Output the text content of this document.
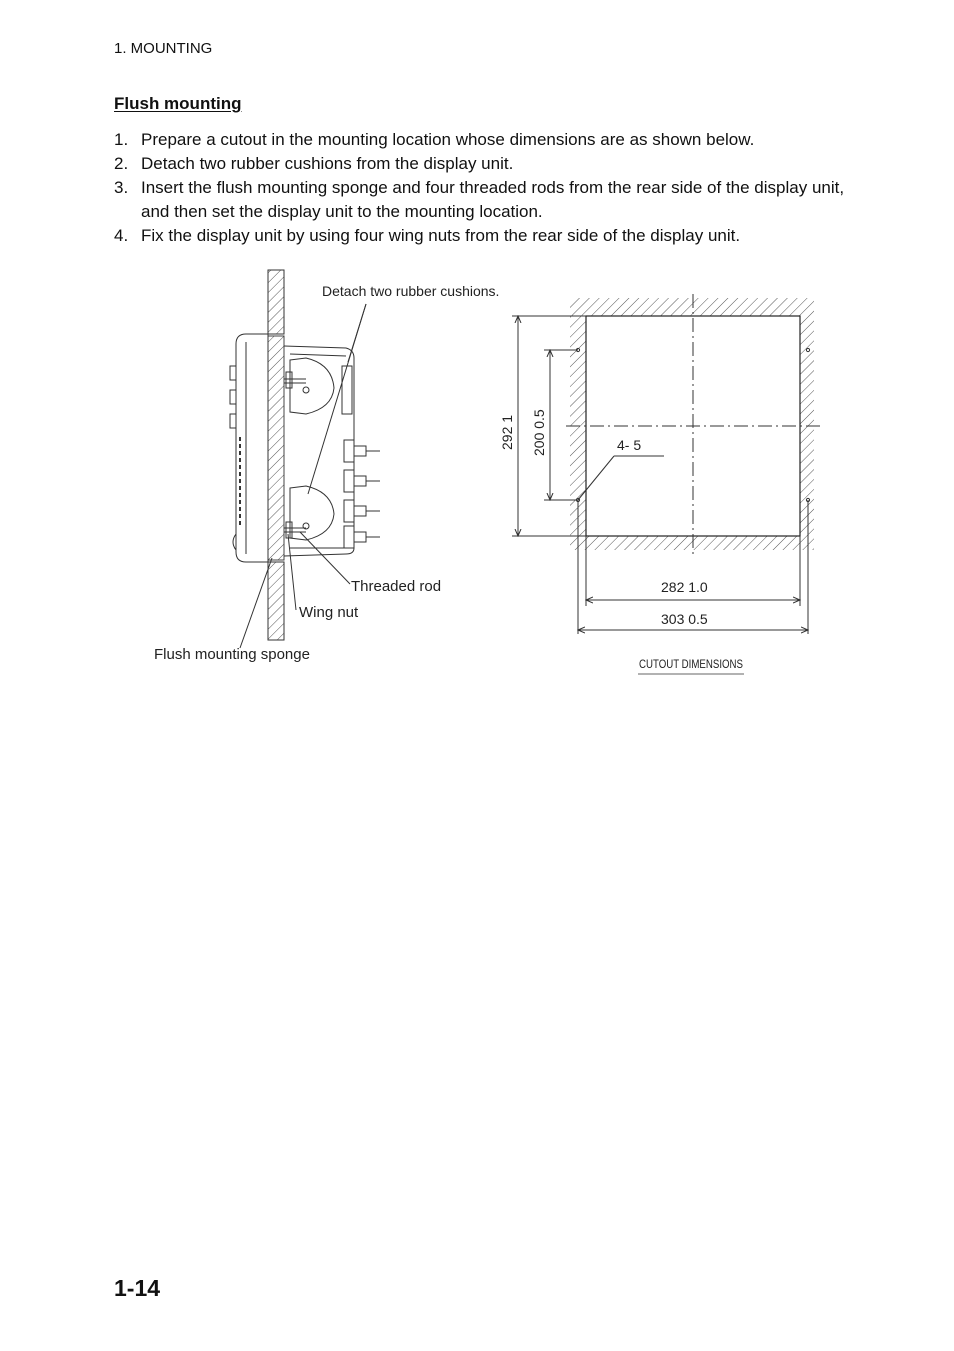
1. MOUNTING
Flush mounting
1. Prepare a cutout in the mounting location whose dimensions are as shown below.
2. Detach two rubber cushions from the display unit.
3. Insert the flush mounting sponge and four threaded rods from the rear side of the display unit, and then set the display unit to the mounting location.
4. Fix the display unit by using four wing nuts from the rear side of the display unit.
Detach two rubber cushions.
Threaded rod
Wing nut
Flush mounting sponge
292 1 200 0.5	4- 5
282 1.0
303 0.5
CUTOUT DIMENSIONS
1-14
